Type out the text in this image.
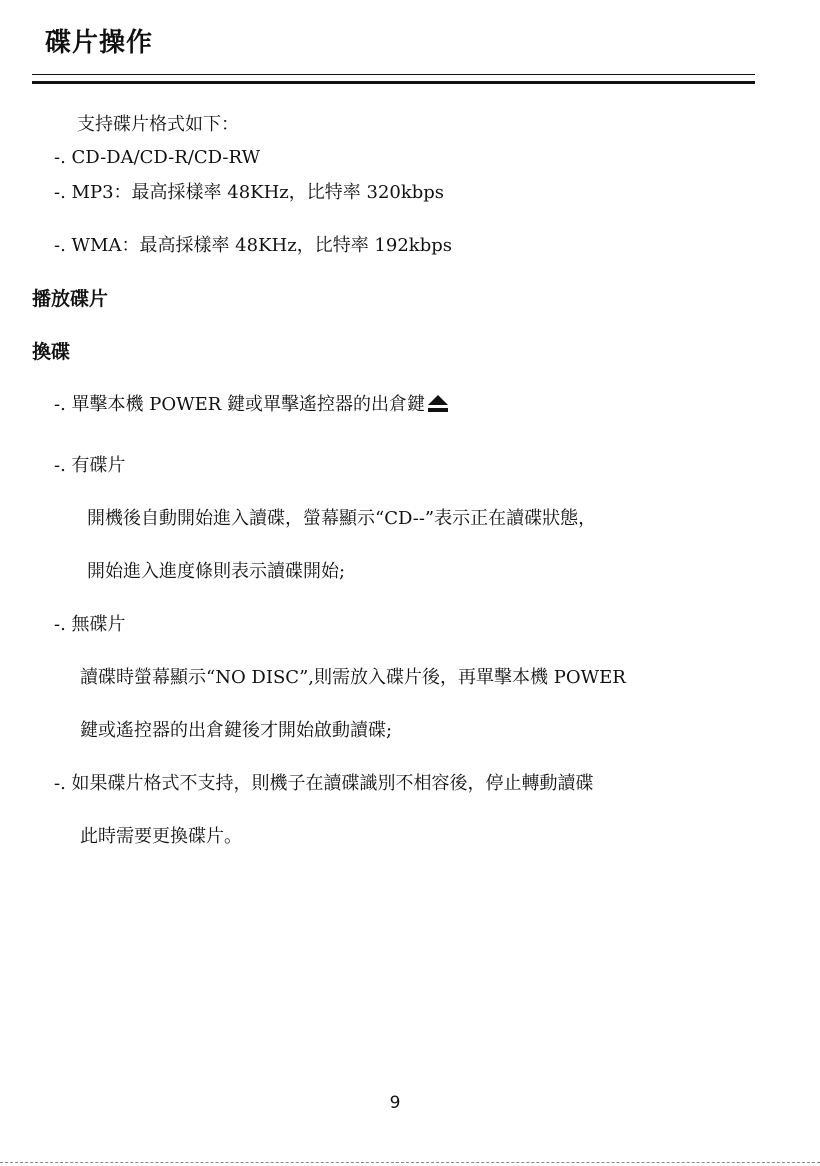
碟片操作
支持碟片格式如下：
-. CD-DA/CD-R/CD-RW
-. MP3：最高採樣率 48KHz，比特率 320kbps
-. WMA：最高採樣率 48KHz，比特率 192kbps
播放碟片
換碟
-. 單擊本機 POWER 鍵或單擊遙控器的出倉鍵
-. 有碟片
開機後自動開始進入讀碟，螢幕顯示“CD--”表示正在讀碟狀態，
開始進入進度條則表示讀碟開始;
-. 無碟片
讀碟時螢幕顯示“NO DISC”,則需放入碟片後，再單擊本機 POWER
鍵或遙控器的出倉鍵後才開始啟動讀碟;
-. 如果碟片格式不支持，則機子在讀碟識別不相容後，停止轉動讀碟
此時需要更換碟片。
9
